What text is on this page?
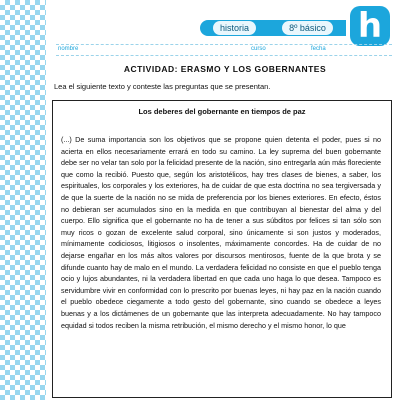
historia	8º básico h
nombre	curso	fecha
ACTIVIDAD: ERASMO Y LOS GOBERNANTES
Lea el siguiente texto y conteste las preguntas que se presentan.
Los deberes del gobernante en tiempos de paz
(...) De suma importancia son los objetivos que se propone quien detenta el poder, pues si no acierta en ellos necesariamente errará en todo su camino. La ley suprema del buen gobernante debe ser no velar tan solo por la felicidad presente de la nación, sino entregarla aún más floreciente que como la recibió. Puesto que, según los aristotélicos, hay tres clases de bienes, a saber, los espirituales, los corporales y los exteriores, ha de cuidar de que esta doctrina no sea tergiversada y de que la suerte de la nación no se mida de preferencia por los bienes exteriores. En efecto, éstos no debieran ser acumulados sino en la medida en que contribuyan al bienestar del alma y del cuerpo. Ello significa que el gobernante no ha de tener a sus súbditos por felices si tan sólo son muy ricos o gozan de excelente salud corporal, sino únicamente si son justos y moderados, mínimamente codiciosos, litigiosos o insolentes, máximamente concordes. Ha de cuidar de no dejarse engañar en los más altos valores por discursos mentirosos, fuente de la que brota y se difunde cuanto hay de malo en el mundo. La verdadera felicidad no consiste en que el pueblo tenga ocio y lujos abundantes, ni la verdadera libertad en que cada uno haga lo que desea. Tampoco es servidumbre vivir en conformidad con lo prescrito por buenas leyes, ni hay paz en la nación cuando el pueblo obedece ciegamente a todo gesto del gobernante, sino cuando se obedece a leyes buenas y a los dictámenes de un gobernante que las interpreta adecuadamente. No hay tampoco equidad si todos reciben la misma retribución, el mismo derecho y el mismo honor, lo que
